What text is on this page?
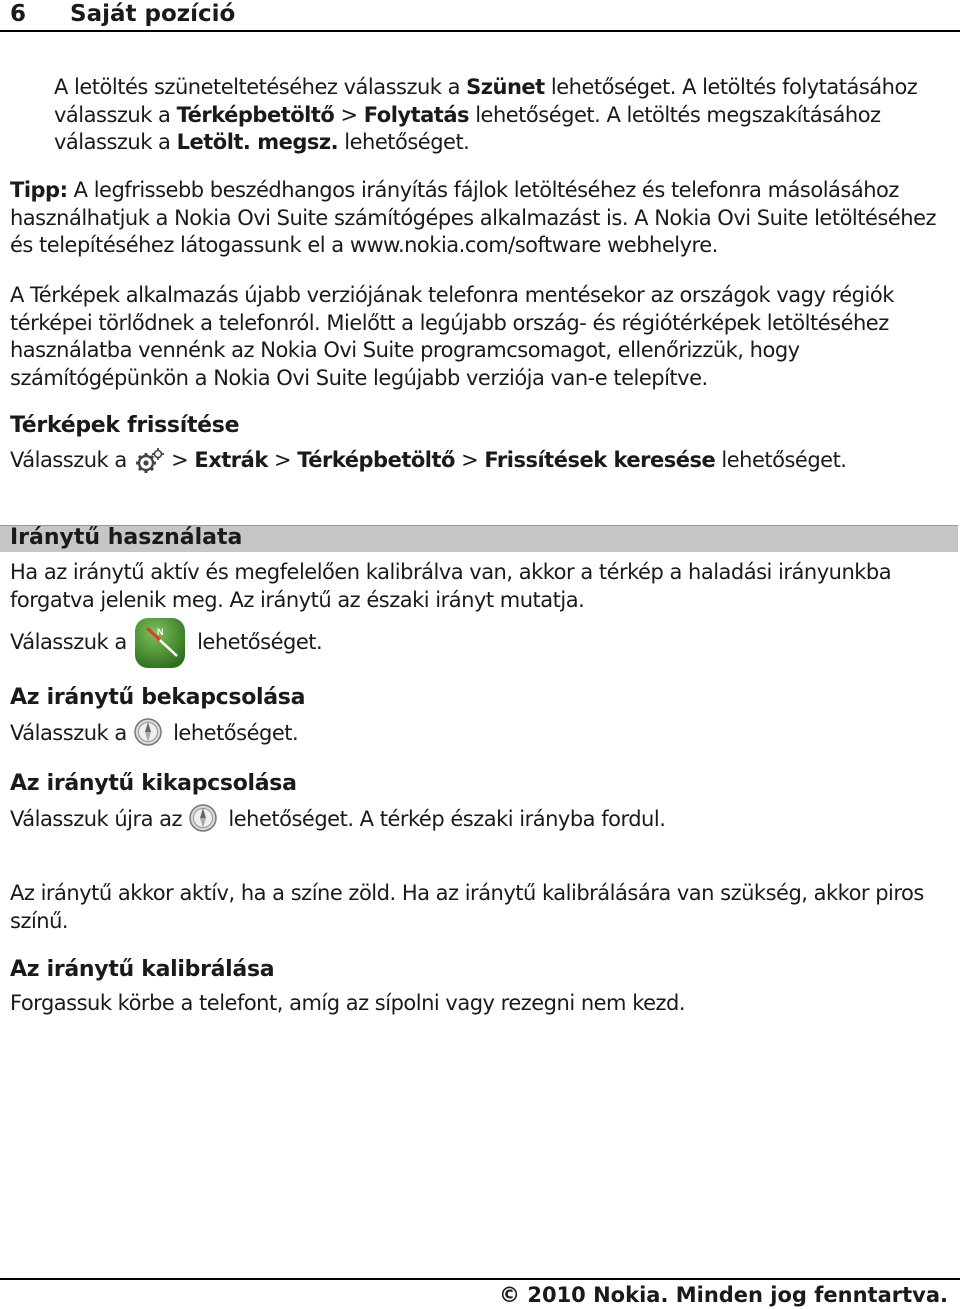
6 Saját pozíció
A letöltés szüneteltetéséhez válasszuk a Szünet lehetőséget. A letöltés folytatásához válasszuk a Térképbetöltő > Folytatás lehetőséget. A letöltés megszakításához válasszuk a Letölt. megsz. lehetőséget.
Tipp: A legfrissebb beszédhangos irányítás fájlok letöltéséhez és telefonra másolásához használhatjuk a Nokia Ovi Suite számítógépes alkalmazást is. A Nokia Ovi Suite letöltéséhez és telepítéséhez látogassunk el a www.nokia.com/software webhelyre.
A Térképek alkalmazás újabb verziójának telefonra mentésekor az országok vagy régiók térképei törlődnek a telefonról. Mielőtt a legújabb ország- és régiótérképek letöltéséhez használatba vennénk az Nokia Ovi Suite programcsomagot, ellenőrizzük, hogy számítógépünkön a Nokia Ovi Suite legújabb verziója van-e telepítve.
Térképek frissítése
Válasszuk a  > Extrák > Térképbetöltő > Frissítések keresése lehetőséget.
Iránytű használata
Ha az iránytű aktív és megfelelően kalibrálva van, akkor a térkép a haladási irányunkba forgatva jelenik meg. Az iránytű az északi irányt mutatja.
Válasszuk a	N lehetőséget.
Az iránytű bekapcsolása
Válasszuk a  lehetőséget.
Az iránytű kikapcsolása
Válasszuk újra az  lehetőséget. A térkép északi irányba fordul.
Az iránytű akkor aktív, ha a színe zöld. Ha az iránytű kalibrálására van szükség, akkor piros színű.
Az iránytű kalibrálása
Forgassuk körbe a telefont, amíg az sípolni vagy rezegni nem kezd.
© 2010 Nokia. Minden jog fenntartva.
